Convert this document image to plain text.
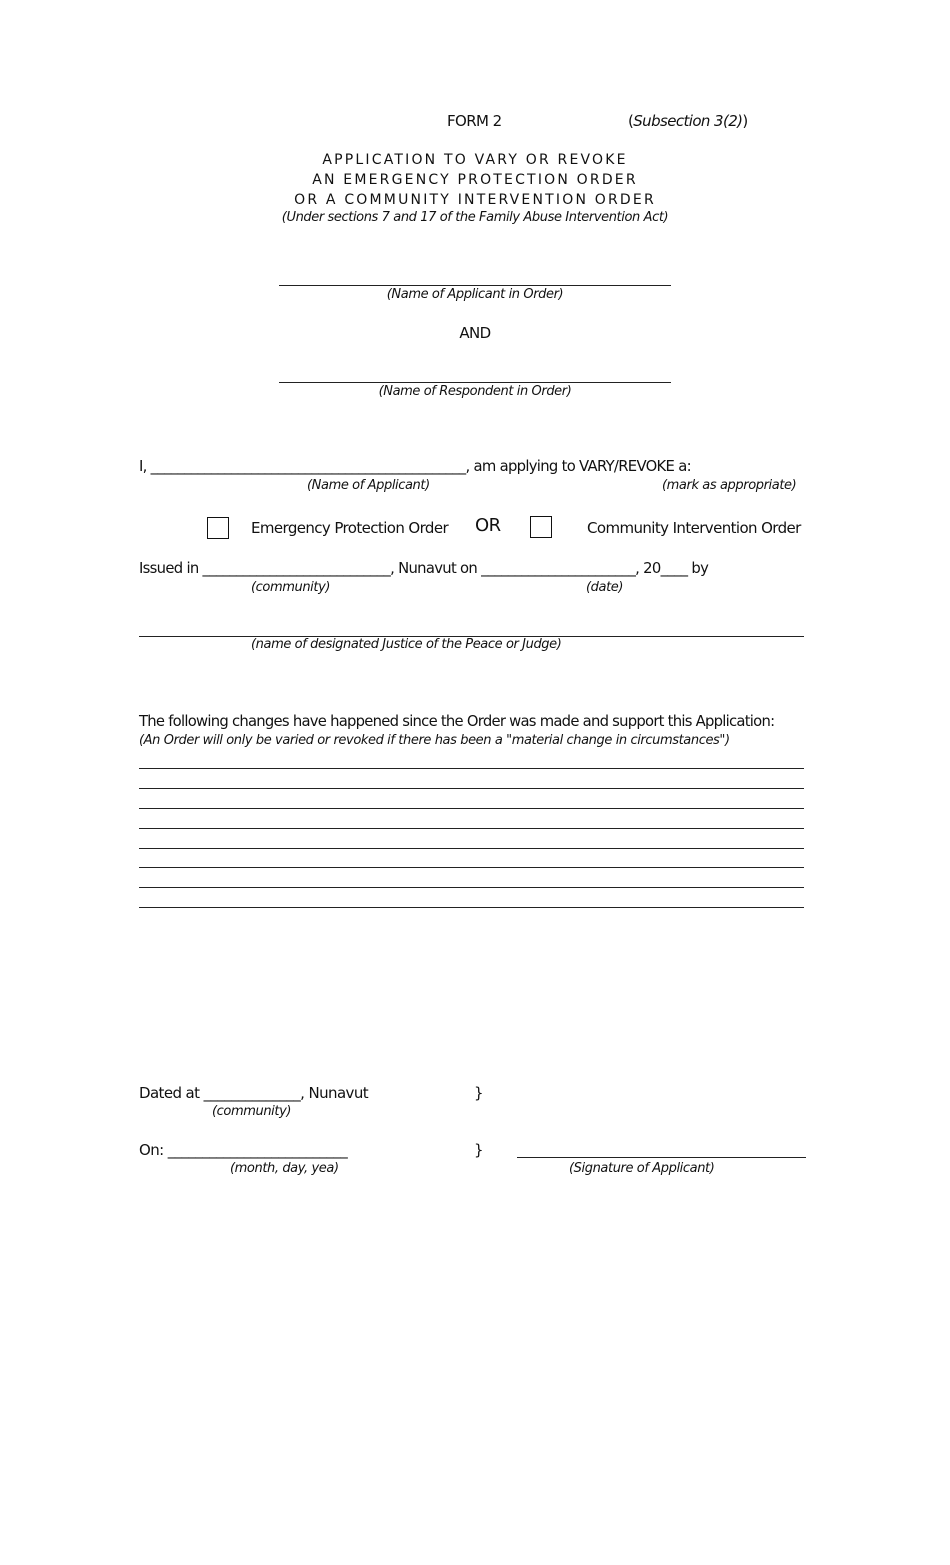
FORM 2	(Subsection 3(2))
APPLICATION TO VARY OR REVOKE
AN EMERGENCY PROTECTION ORDER
OR A COMMUNITY INTERVENTION ORDER
(Under sections 7 and 17 of the Family Abuse Intervention Act)
(Name of Applicant in Order)
AND
(Name of Respondent in Order)
I, _______________________________________________, am applying to VARY/REVOKE a:
(Name of Applicant)	(mark as appropriate)
Emergency Protection Order OR	Community Intervention Order
Issued in ____________________________, Nunavut on _______________________, 20____ by
(community)	(date)
(name of designated Justice of the Peace or Judge)
The following changes have happened since the Order was made and support this Application:
(An Order will only be varied or revoked if there has been a "material change in circumstances")
Dated at ______________, Nunavut	}
(community)
On: __________________________	}
(month, day, yea)	(Signature of Applicant)
